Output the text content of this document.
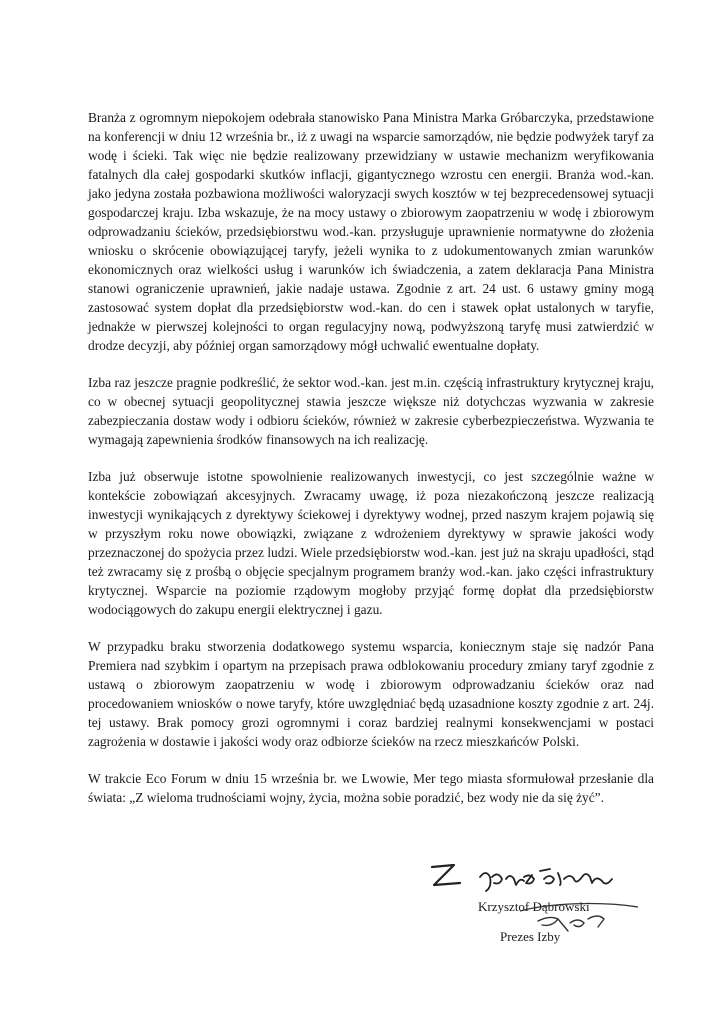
Branża z ogromnym niepokojem odebrała stanowisko Pana Ministra Marka Gróbarczyka, przedstawione na konferencji w dniu 12 września br., iż z uwagi na wsparcie samorządów, nie będzie podwyżek taryf za wodę i ścieki. Tak więc nie będzie realizowany przewidziany w ustawie mechanizm weryfikowania fatalnych dla całej gospodarki skutków inflacji, gigantycznego wzrostu cen energii. Branża wod.-kan. jako jedyna została pozbawiona możliwości waloryzacji swych kosztów w tej bezprecedensowej sytuacji gospodarczej kraju. Izba wskazuje, że na mocy ustawy o zbiorowym zaopatrzeniu w wodę i zbiorowym odprowadzaniu ścieków, przedsiębiorstwu wod.-kan. przysługuje uprawnienie normatywne do złożenia wniosku o skrócenie obowiązującej taryfy, jeżeli wynika to z udokumentowanych zmian warunków ekonomicznych oraz wielkości usług i warunków ich świadczenia, a zatem deklaracja Pana Ministra stanowi ograniczenie uprawnień, jakie nadaje ustawa. Zgodnie z art. 24 ust. 6 ustawy gminy mogą zastosować system dopłat dla przedsiębiorstw wod.-kan. do cen i stawek opłat ustalonych w taryfie, jednakże w pierwszej kolejności to organ regulacyjny nową, podwyższoną taryfę musi zatwierdzić w drodze decyzji, aby później organ samorządowy mógł uchwalić ewentualne dopłaty.

Izba raz jeszcze pragnie podkreślić, że sektor wod.-kan. jest m.in. częścią infrastruktury krytycznej kraju, co w obecnej sytuacji geopolitycznej stawia jeszcze większe niż dotychczas wyzwania w zakresie zabezpieczania dostaw wody i odbioru ścieków, również w zakresie cyberbezpieczeństwa. Wyzwania te wymagają zapewnienia środków finansowych na ich realizację.

Izba już obserwuje istotne spowolnienie realizowanych inwestycji, co jest szczególnie ważne w kontekście zobowiązań akcesyjnych. Zwracamy uwagę, iż poza niezakończoną jeszcze realizacją inwestycji wynikających z dyrektywy ściekowej i dyrektywy wodnej, przed naszym krajem pojawią się w przyszłym roku nowe obowiązki, związane z wdrożeniem dyrektywy w sprawie jakości wody przeznaczonej do spożycia przez ludzi. Wiele przedsiębiorstw wod.-kan. jest już na skraju upadłości, stąd też zwracamy się z prośbą o objęcie specjalnym programem branży wod.-kan. jako części infrastruktury krytycznej. Wsparcie na poziomie rządowym mogłoby przyjąć formę dopłat dla przedsiębiorstw wodociągowych do zakupu energii elektrycznej i gazu.

W przypadku braku stworzenia dodatkowego systemu wsparcia, koniecznym staje się nadzór Pana Premiera nad szybkim i opartym na przepisach prawa odblokowaniu procedury zmiany taryf zgodnie z ustawą o zbiorowym zaopatrzeniu w wodę i zbiorowym odprowadzaniu ścieków oraz nad procedowaniem wniosków o nowe taryfy, które uwzględniać będą uzasadnione koszty zgodnie z art. 24j. tej ustawy. Brak pomocy grozi ogromnymi i coraz bardziej realnymi konsekwencjami w postaci zagrożenia w dostawie i jakości wody oraz odbiorze ścieków na rzecz mieszkańców Polski.

W trakcie Eco Forum w dniu 15 września br. we Lwowie, Mer tego miasta sformułował przesłanie dla świata: „Z wieloma trudnościami wojny, życia, można sobie poradzić, bez wody nie da się żyć”.

Krzysztof Dąbrowski
Prezes Izby
